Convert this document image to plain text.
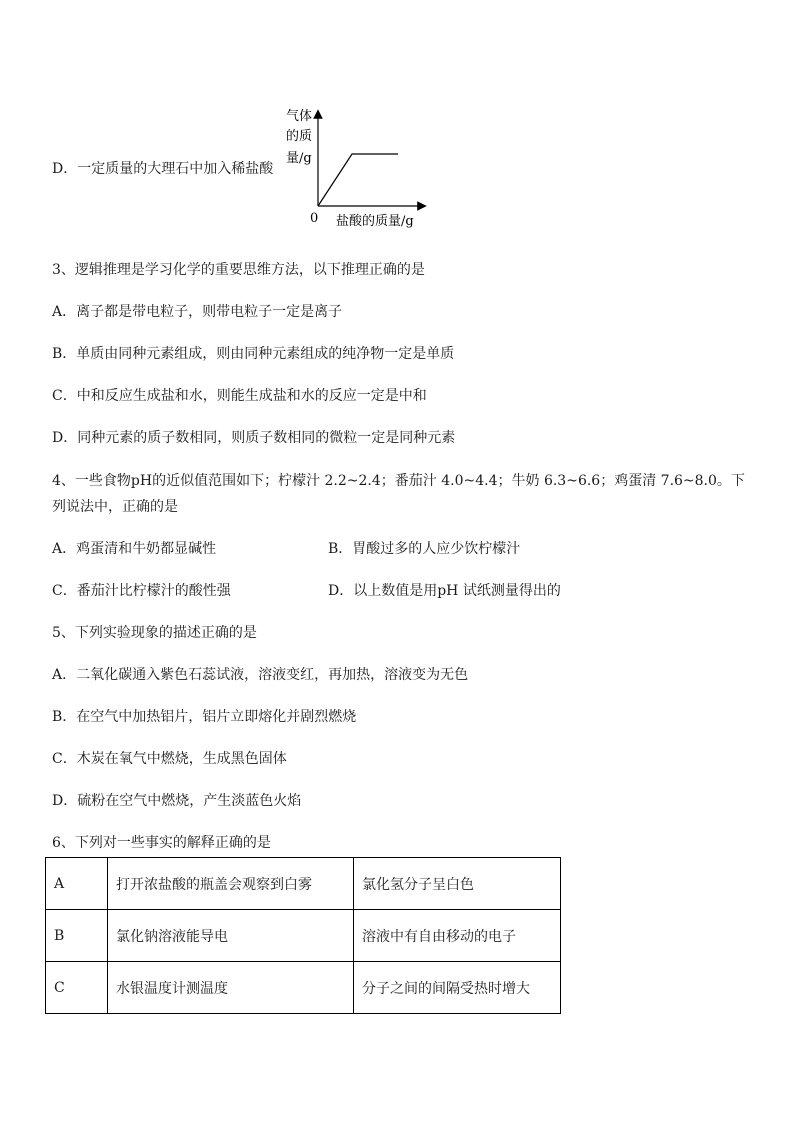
D．一定质量的大理石中加入稀盐酸
气体
的质
量/g
0 盐酸的质量/g
3、逻辑推理是学习化学的重要思维方法，以下推理正确的是
A．离子都是带电粒子，则带电粒子一定是离子
B．单质由同种元素组成，则由同种元素组成的纯净物一定是单质
C．中和反应生成盐和水，则能生成盐和水的反应一定是中和
D．同种元素的质子数相同，则质子数相同的微粒一定是同种元素
4、一些食物pH的近似值范围如下；柠檬汁 2.2~2.4；番茄汁 4.0~4.4；牛奶 6.3~6.6；鸡蛋清 7.6~8.0。下
列说法中，正确的是
A．鸡蛋清和牛奶都显碱性	B．胃酸过多的人应少饮柠檬汁
C．番茄汁比柠檬汁的酸性强	D．以上数值是用pH 试纸测量得出的
5、下列实验现象的描述正确的是
A．二氧化碳通入紫色石蕊试液，溶液变红，再加热，溶液变为无色
B．在空气中加热铝片，铝片立即熔化并剧烈燃烧
C．木炭在氧气中燃烧，生成黑色固体
D．硫粉在空气中燃烧，产生淡蓝色火焰
6、下列对一些事实的解释正确的是
A	打开浓盐酸的瓶盖会观察到白雾	氯化氢分子呈白色
B	氯化钠溶液能导电	溶液中有自由移动的电子
C	水银温度计测温度	分子之间的间隔受热时增大
